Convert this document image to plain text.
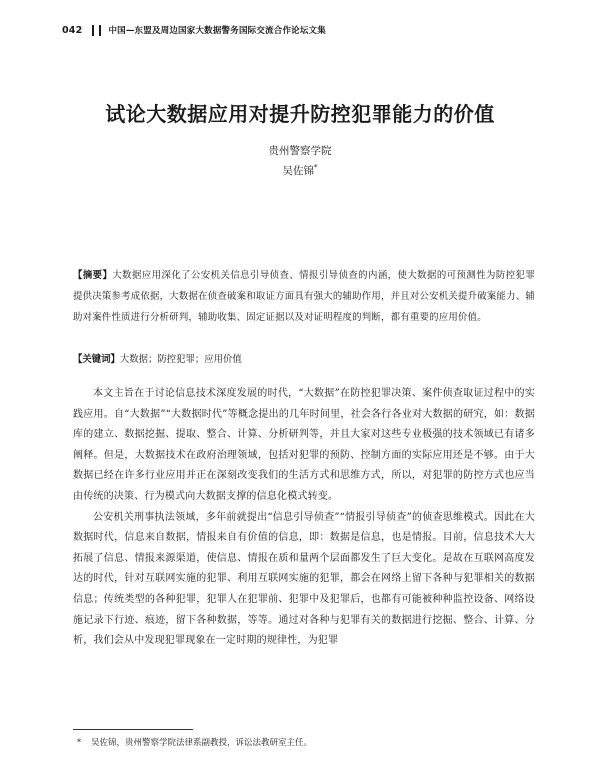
042	中国—东盟及周边国家大数据警务国际交流合作论坛文集
试论大数据应用对提升防控犯罪能力的价值
贵州警察学院
吴佐锦*
【摘要】大数据应用深化了公安机关信息引导侦查、情报引导侦查的内涵，使大数据的可预测性为防控犯罪提供决策参考成依据，大数据在侦查破案和取证方面具有强大的辅助作用，并且对公安机关提升破案能力、辅助对案件性质进行分析研判，辅助收集、固定证据以及对证明程度的判断，都有重要的应用价值。
【关键词】大数据；防控犯罪；应用价值

本文主旨在于讨论信息技术深度发展的时代，“大数据”在防控犯罪决策、案件侦查取证过程中的实践应用。自“大数据”“大数据时代”等概念提出的几年时间里，社会各行各业对大数据的研究，如：数据库的建立、数据挖掘、提取、整合、计算、分析研判等，并且大家对这些专业极强的技术领域已有诸多阐释。但是，大数据技术在政府治理领域，包括对犯罪的预防、控制方面的实际应用还是不够。由于大数据已经在许多行业应用并正在深刻改变我们的生活方式和思维方式，所以，对犯罪的防控方式也应当由传统的决策、行为模式向大数据支撑的信息化模式转变。

公安机关刑事执法领域，多年前就提出“信息引导侦查”“情报引导侦查”的侦查思维模式。因此在大数据时代，信息来自数据，情报来自有价值的信息，即：数据是信息，也是情报。目前，信息技术大大拓展了信息、情报来源渠道，使信息、情报在质和量两个层面都发生了巨大变化。是故在互联网高度发达的时代，针对互联网实施的犯罪、利用互联网实施的犯罪，都会在网络上留下各种与犯罪相关的数据信息；传统类型的各种犯罪，犯罪人在犯罪前、犯罪中及犯罪后，也都有可能被种种监控设备、网络设施记录下行迹、痕迹，留下各种数据，等等。通过对各种与犯罪有关的数据进行挖掘、整合、计算、分析，我们会从中发现犯罪现象在一定时期的规律性，为犯罪

* 吴佐锦，贵州警察学院法律系副教授，诉讼法教研室主任。
